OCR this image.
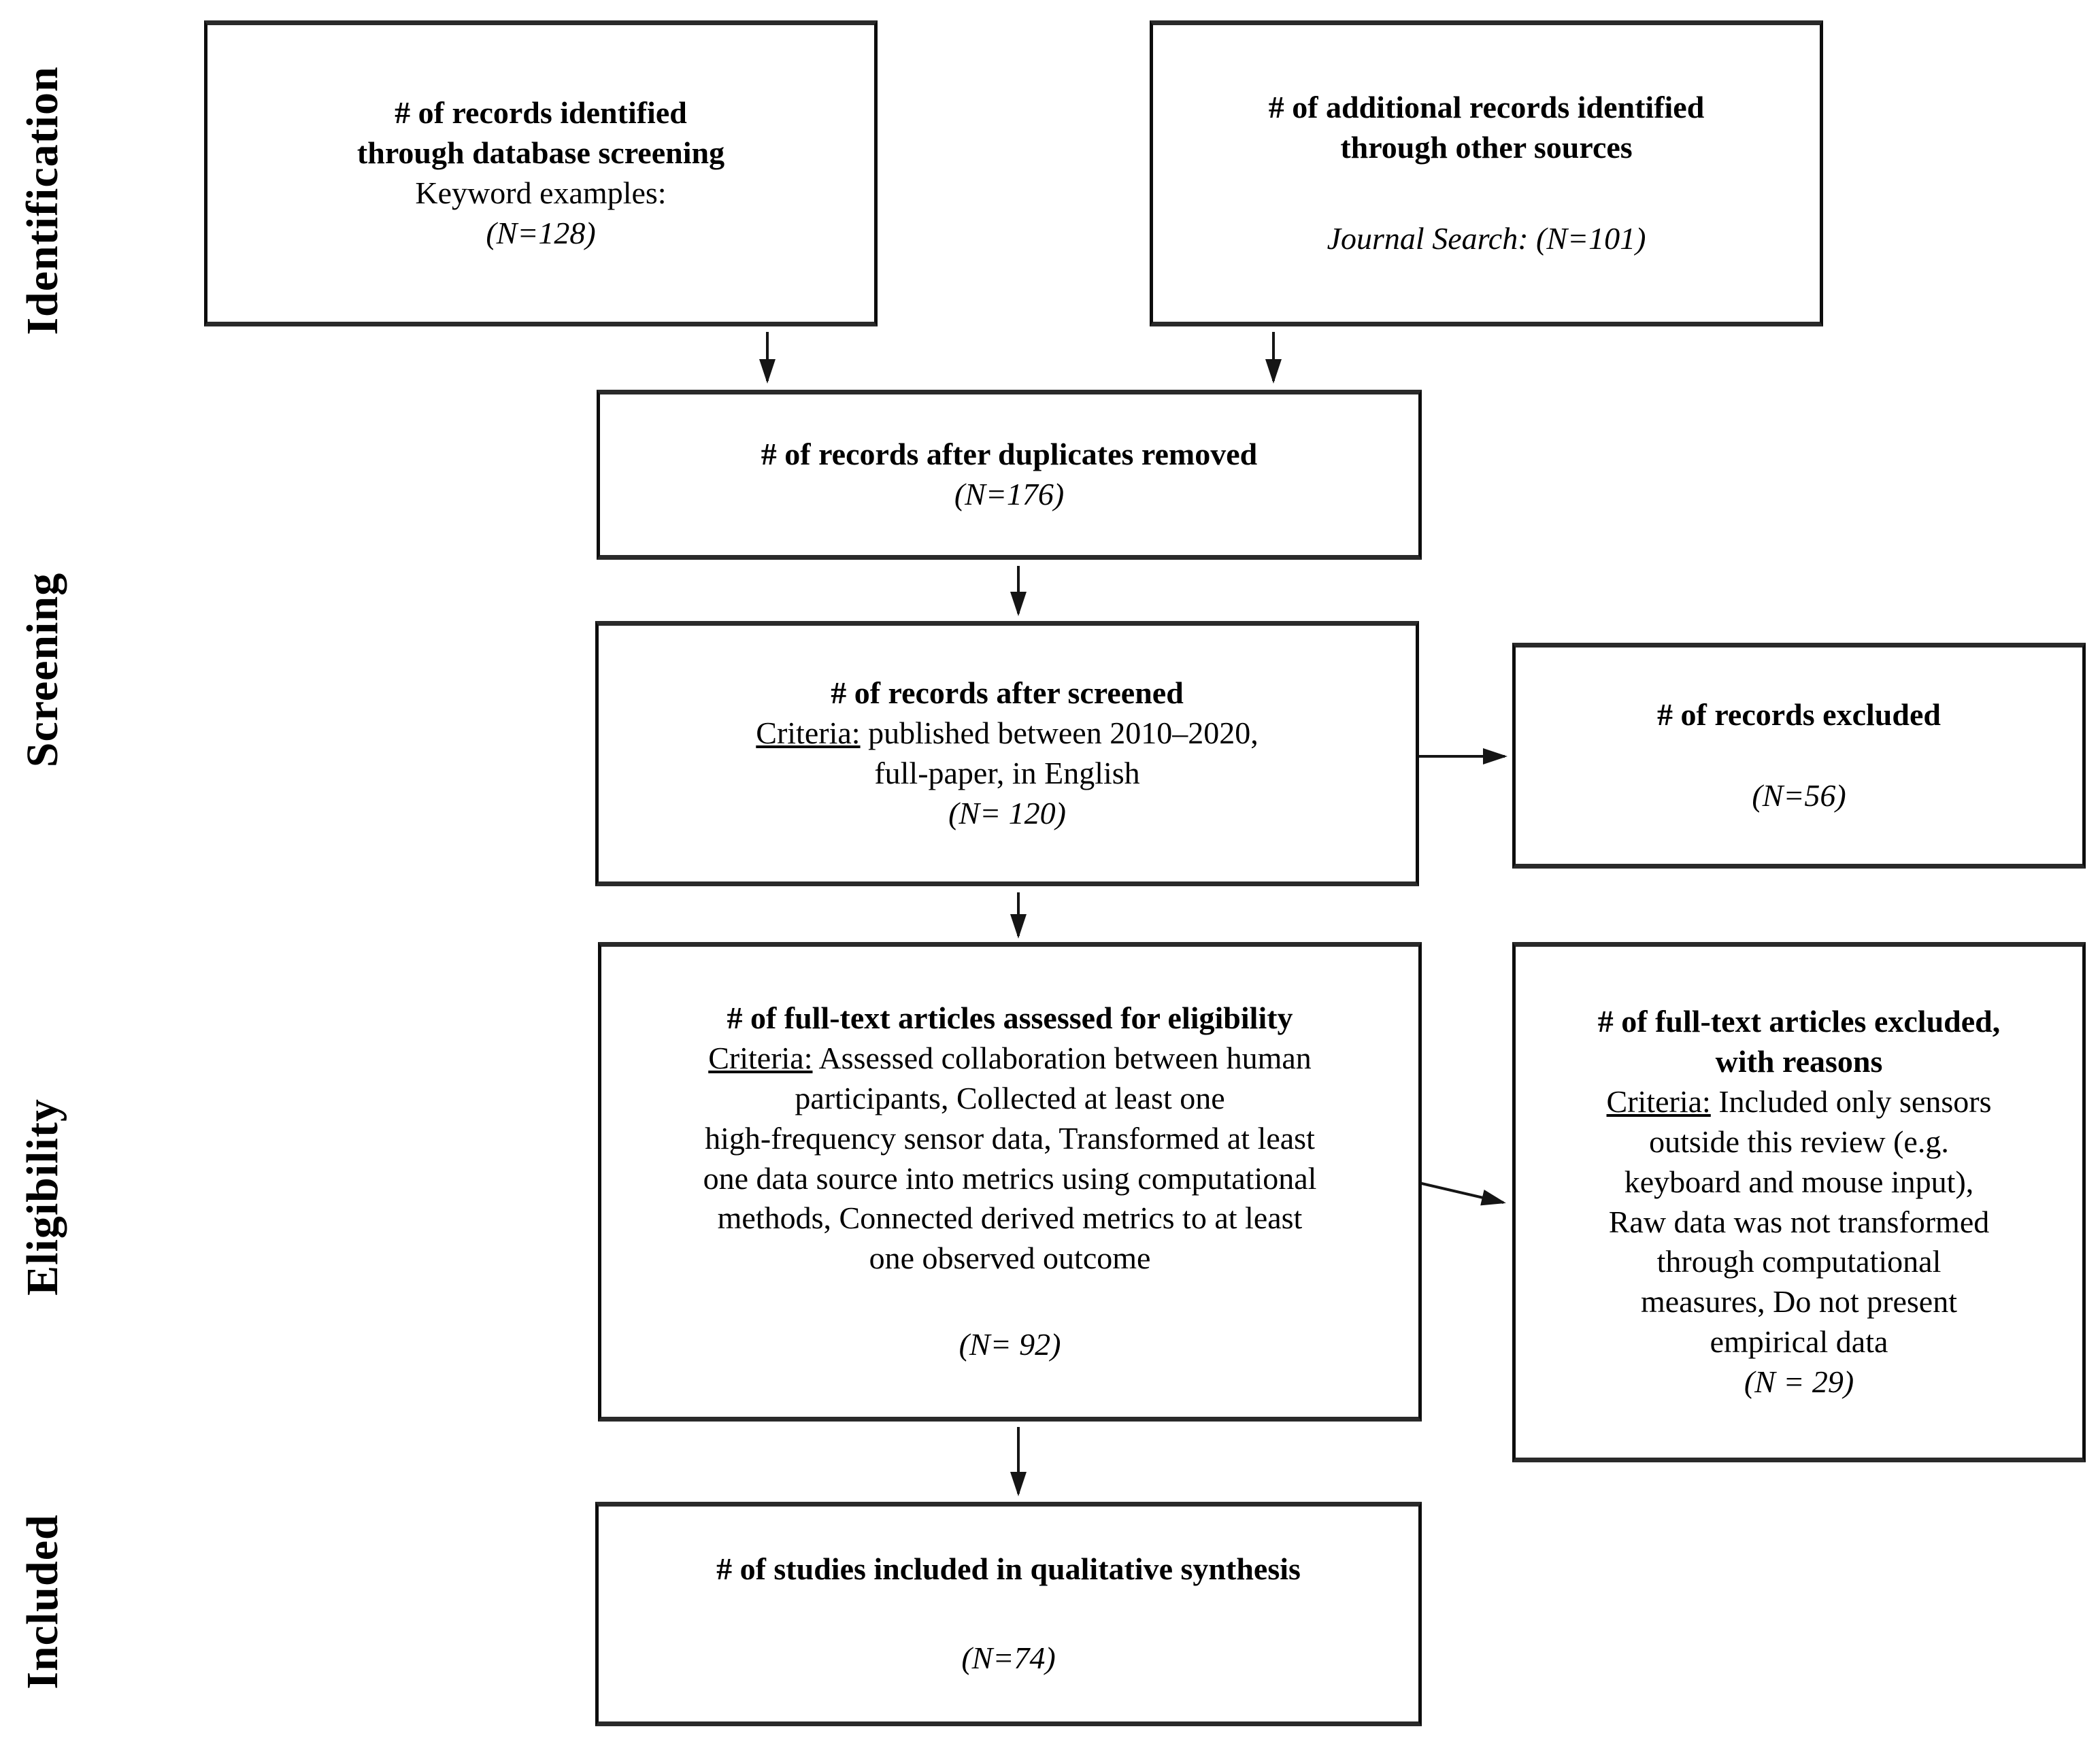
Identification
Screening
Eligibility
Included
# of records identified
through database screening
Keyword examples:
(N=128)
# of additional records identified
through other sources
Journal Search: (N=101)
# of records after duplicates removed
(N=176)
# of records after screened
Criteria: published between 2010–2020,
full-paper, in English
(N= 120)
# of records excluded
(N=56)
# of full-text articles assessed for eligibility
Criteria: Assessed collaboration between human
participants, Collected at least one
high-frequency sensor data, Transformed at least
one data source into metrics using computational
methods, Connected derived metrics to at least
one observed outcome
(N= 92)
# of full-text articles excluded,
with reasons
Criteria: Included only sensors
outside this review (e.g.
keyboard and mouse input),
Raw data was not transformed
through computational
measures, Do not present
empirical data
(N = 29)
# of studies included in qualitative synthesis
(N=74)
